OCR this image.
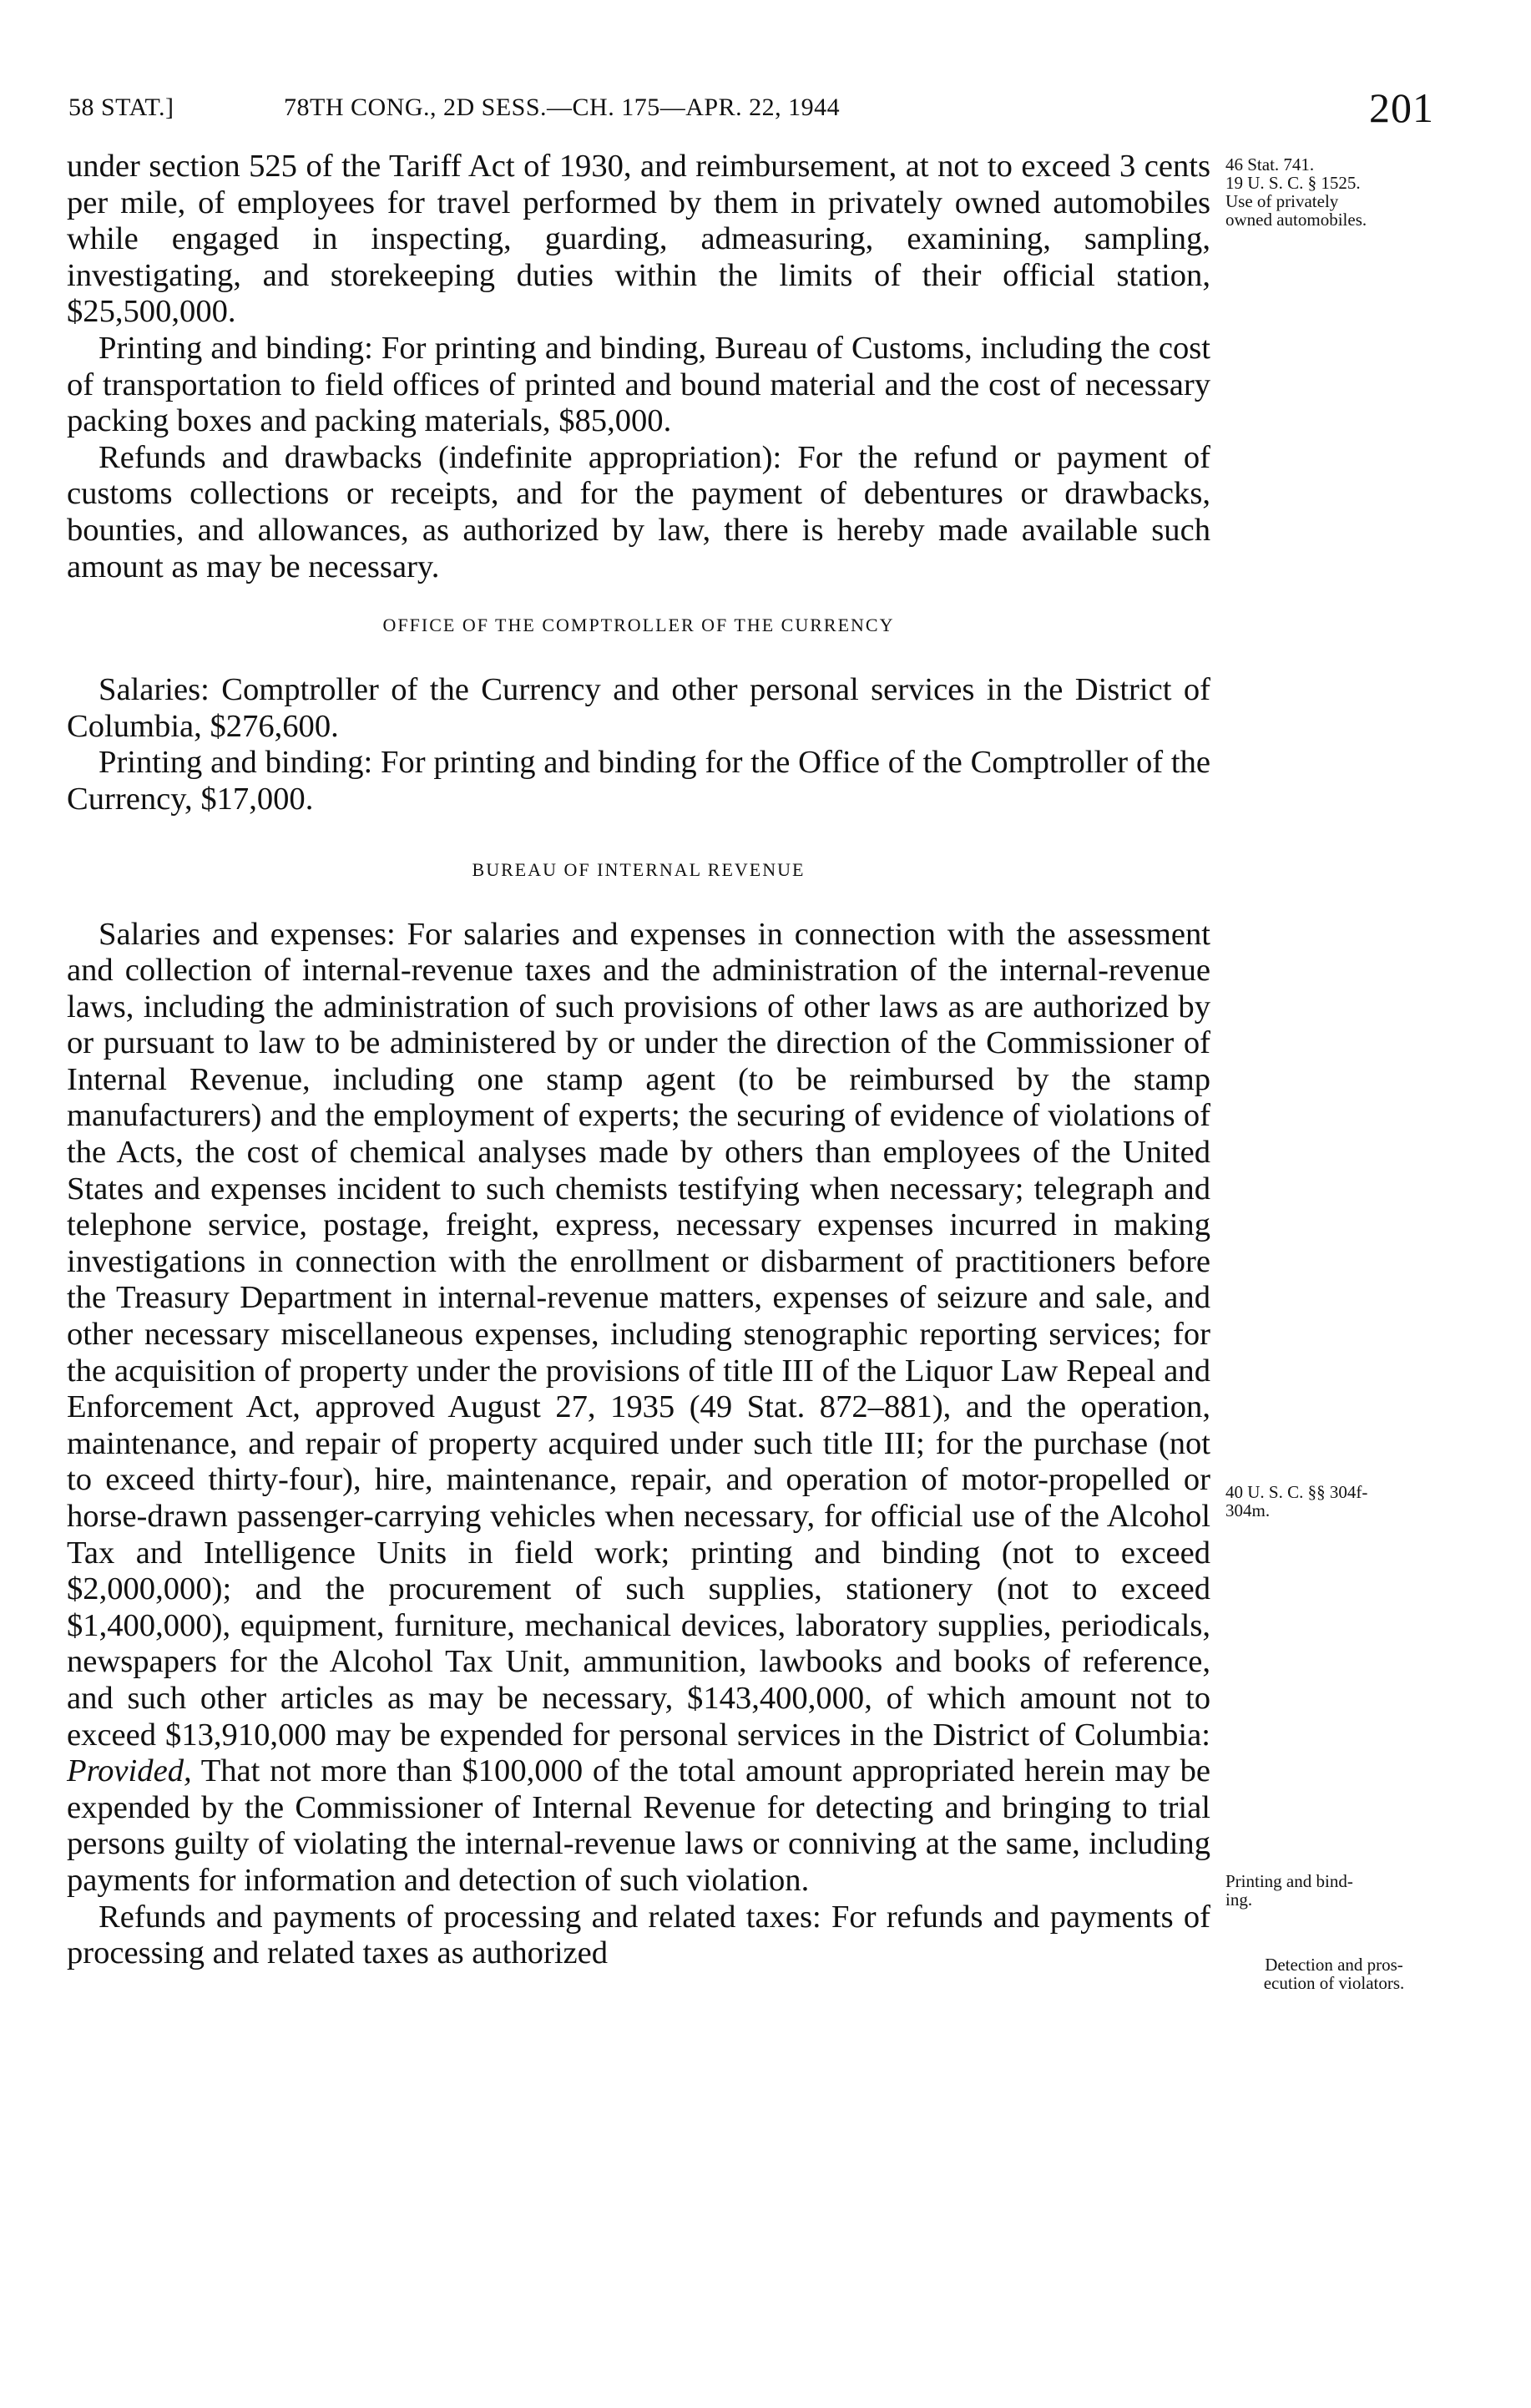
58 STAT.]	78TH CONG., 2D SESS.—CH. 175—APR. 22, 1944	201

under section 525 of the Tariff Act of 1930, and reimbursement, at not to exceed 3 cents per mile, of employees for travel performed by them in privately owned automobiles while engaged in inspecting, guarding, admeasuring, examining, sampling, investigating, and storekeeping duties within the limits of their official station, $25,500,000.

Printing and binding: For printing and binding, Bureau of Customs, including the cost of transportation to field offices of printed and bound material and the cost of necessary packing boxes and packing materials, $85,000.

Refunds and drawbacks (indefinite appropriation): For the refund or payment of customs collections or receipts, and for the payment of debentures or drawbacks, bounties, and allowances, as authorized by law, there is hereby made available such amount as may be necessary.

OFFICE OF THE COMPTROLLER OF THE CURRENCY

Salaries: Comptroller of the Currency and other personal services in the District of Columbia, $276,600.

Printing and binding: For printing and binding for the Office of the Comptroller of the Currency, $17,000.

BUREAU OF INTERNAL REVENUE

Salaries and expenses: For salaries and expenses in connection with the assessment and collection of internal-revenue taxes and the administration of the internal-revenue laws, including the administration of such provisions of other laws as are authorized by or pursuant to law to be administered by or under the direction of the Commissioner of Internal Revenue, including one stamp agent (to be reimbursed by the stamp manufacturers) and the employment of experts; the securing of evidence of violations of the Acts, the cost of chemical analyses made by others than employees of the United States and expenses incident to such chemists testifying when necessary; telegraph and telephone service, postage, freight, express, necessary expenses incurred in making investigations in connection with the enrollment or disbarment of practitioners before the Treasury Department in internal-revenue matters, expenses of seizure and sale, and other necessary miscellaneous expenses, including stenographic reporting services; for the acquisition of property under the provisions of title III of the Liquor Law Repeal and Enforcement Act, approved August 27, 1935 (49 Stat. 872–881), and the operation, maintenance, and repair of property acquired under such title III; for the purchase (not to exceed thirty-four), hire, maintenance, repair, and operation of motor-propelled or horse-drawn passenger-carrying vehicles when necessary, for official use of the Alcohol Tax and Intelligence Units in field work; printing and binding (not to exceed $2,000,000); and the procurement of such supplies, stationery (not to exceed $1,400,000), equipment, furniture, mechanical devices, laboratory supplies, periodicals, newspapers for the Alcohol Tax Unit, ammunition, lawbooks and books of reference, and such other articles as may be necessary, $143,400,000, of which amount not to exceed $13,910,000 may be expended for personal services in the District of Columbia: Provided, That not more than $100,000 of the total amount appropriated herein may be expended by the Commissioner of Internal Revenue for detecting and bringing to trial persons guilty of violating the internal-revenue laws or conniving at the same, including payments for information and detection of such violation.

Refunds and payments of processing and related taxes: For refunds and payments of processing and related taxes as authorized

46 Stat. 741.
19 U. S. C. § 1525.
Use of privately
owned automobiles.
40 U. S. C. §§ 304f-
304m.
Printing and bind-
ing.
Detection and pros-
ecution of violators.
